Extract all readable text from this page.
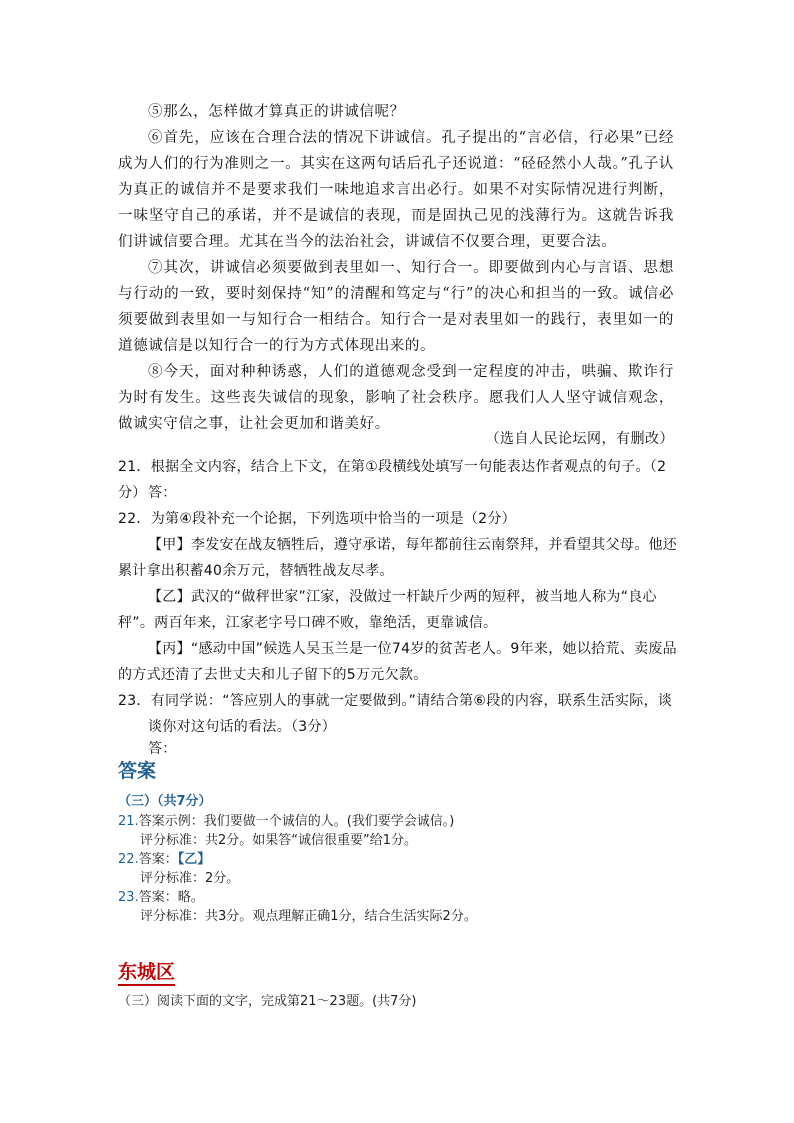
⑤那么，怎样做才算真正的讲诚信呢？
⑥首先，应该在合理合法的情况下讲诚信。孔子提出的“言必信，行必果”已经成为人们的行为准则之一。其实在这两句话后孔子还说道：“硁硁然小人哉。”孔子认为真正的诚信并不是要求我们一味地追求言出必行。如果不对实际情况进行判断，一味坚守自己的承诺，并不是诚信的表现，而是固执己见的浅薄行为。这就告诉我们讲诚信要合理。尤其在当今的法治社会，讲诚信不仅要合理，更要合法。
⑦其次，讲诚信必须要做到表里如一、知行合一。即要做到内心与言语、思想与行动的一致，要时刻保持“知”的清醒和笃定与“行”的决心和担当的一致。诚信必须要做到表里如一与知行合一相结合。知行合一是对表里如一的践行，表里如一的道德诚信是以知行合一的行为方式体现出来的。
⑧今天，面对种种诱惑，人们的道德观念受到一定程度的冲击，哄骗、欺诈行为时有发生。这些丧失诚信的现象，影响了社会秩序。愿我们人人坚守诚信观念，做诚实守信之事，让社会更加和谐美好。
（选自人民论坛网，有删改）
21．根据全文内容，结合上下文，在第①段横线处填写一句能表达作者观点的句子。（2分） 答：
22．为第④段补充一个论据，下列选项中恰当的一项是（2分）
【甲】李发安在战友牺牲后，遵守承诺，每年都前往云南祭拜，并看望其父母。他还累计拿出积蓄40余万元，替牺牲战友尽孝。
【乙】武汉的“做秤世家”江家，没做过一杆缺斤少两的短秤，被当地人称为“良心秤”。两百年来，江家老字号口碑不败，靠绝活，更靠诚信。
【丙】“感动中国”候选人吴玉兰是一位74岁的贫苦老人。9年来，她以拾荒、卖废品的方式还清了去世丈夫和儿子留下的5万元欠款。
23．有同学说：“答应别人的事就一定要做到。”请结合第⑥段的内容，联系生活实际，谈谈你对这句话的看法。（3分）
答：
答案
（三）（共7分）
21.答案示例：我们要做一个诚信的人。(我们要学会诚信。)
评分标准：共2分。如果答“诚信很重要”给1分。
22.答案：【乙】
评分标准：2分。
23.答案：略。
评分标准：共3分。观点理解正确1分，结合生活实际2分。
东城区
（三）阅读下面的文字，完成第21～23题。(共7分)
